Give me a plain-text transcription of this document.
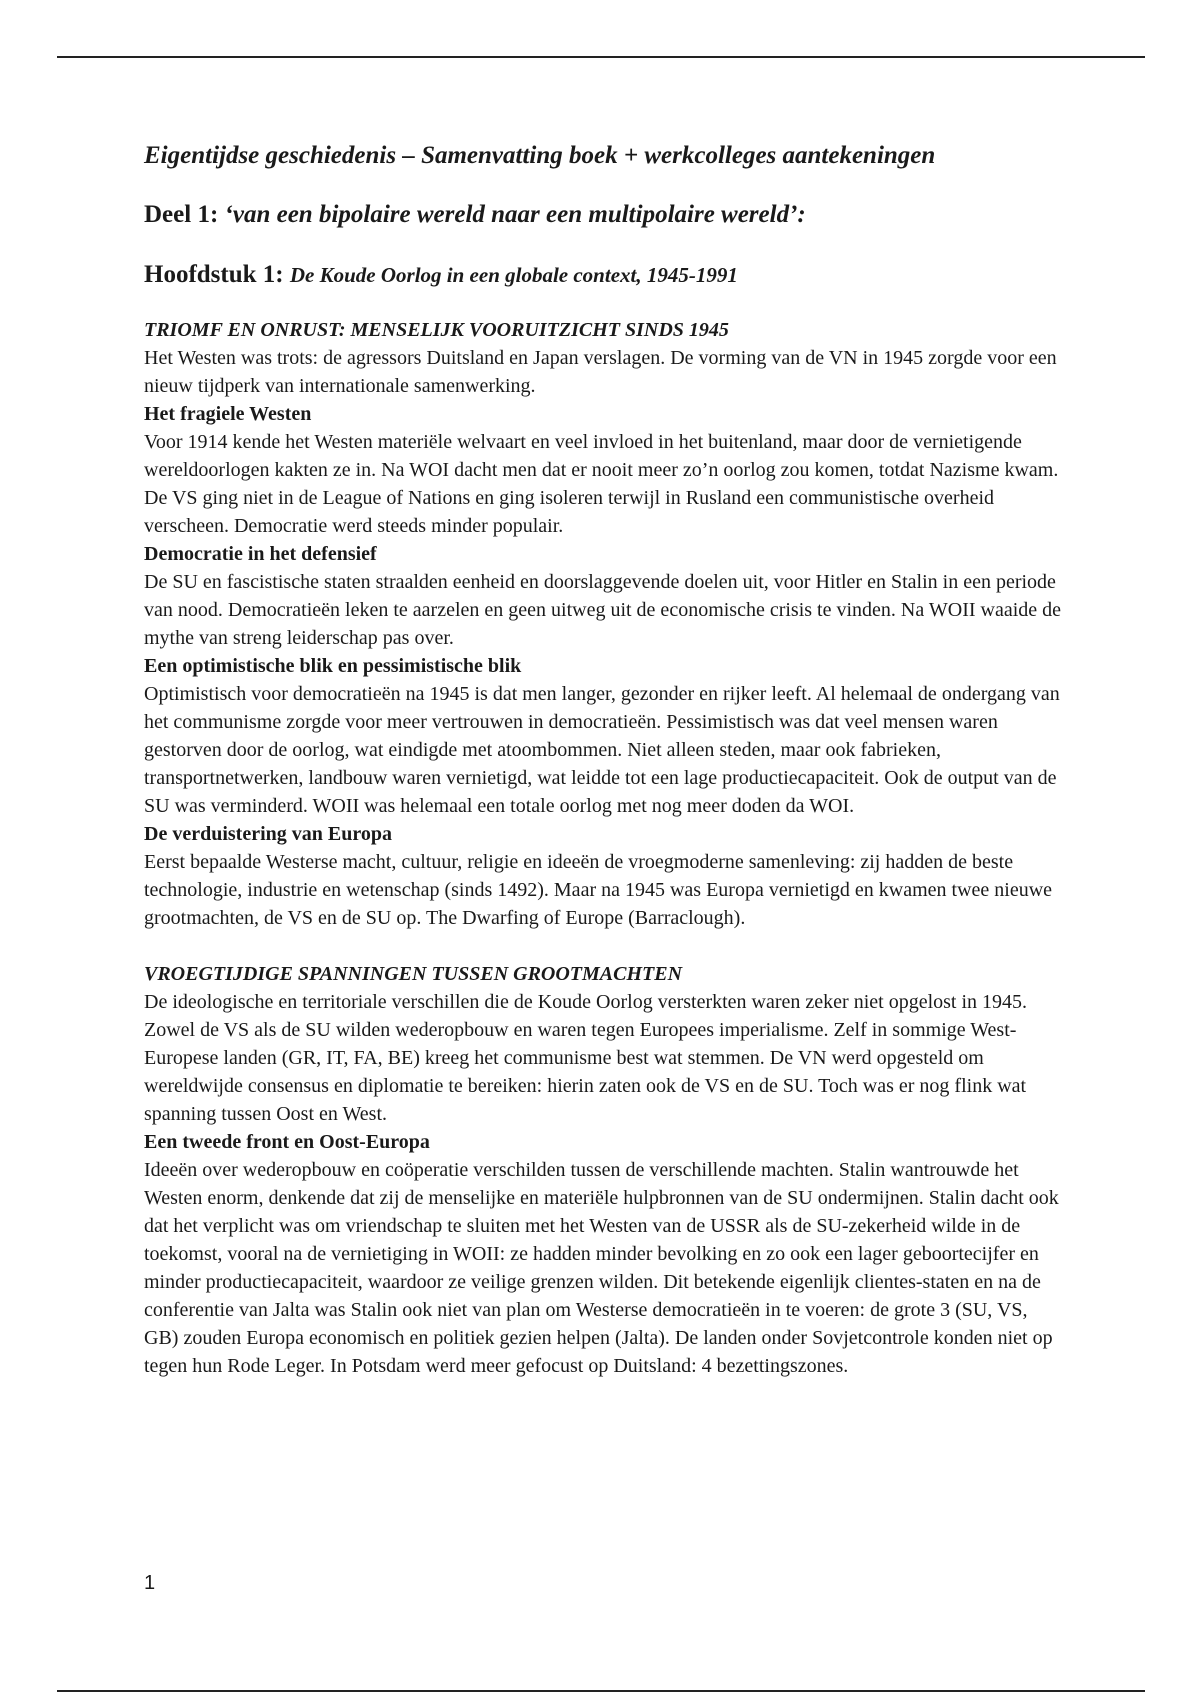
Eigentijdse geschiedenis – Samenvatting boek + werkcolleges aantekeningen
Deel 1: ‘van een bipolaire wereld naar een multipolaire wereld’:
Hoofdstuk 1: De Koude Oorlog in een globale context, 1945-1991
TRIOMF EN ONRUST: MENSELIJK VOORUITZICHT SINDS 1945

Het Westen was trots: de agressors Duitsland en Japan verslagen. De vorming van de VN in 1945 zorgde voor een nieuw tijdperk van internationale samenwerking.

Het fragiele Westen

Voor 1914 kende het Westen materiële welvaart en veel invloed in het buitenland, maar door de vernietigende wereldoorlogen kakten ze in. Na WOI dacht men dat er nooit meer zo’n oorlog zou komen, totdat Nazisme kwam. De VS ging niet in de League of Nations en ging isoleren terwijl in Rusland een communistische overheid verscheen. Democratie werd steeds minder populair.

Democratie in het defensief

De SU en fascistische staten straalden eenheid en doorslaggevende doelen uit, voor Hitler en Stalin in een periode van nood. Democratieën leken te aarzelen en geen uitweg uit de economische crisis te vinden. Na WOII waaide de mythe van streng leiderschap pas over.

Een optimistische blik en pessimistische blik

Optimistisch voor democratieën na 1945 is dat men langer, gezonder en rijker leeft. Al helemaal de ondergang van het communisme zorgde voor meer vertrouwen in democratieën. Pessimistisch was dat veel mensen waren gestorven door de oorlog, wat eindigde met atoombommen. Niet alleen steden, maar ook fabrieken, transportnetwerken, landbouw waren vernietigd, wat leidde tot een lage productiecapaciteit. Ook de output van de SU was verminderd. WOII was helemaal een totale oorlog met nog meer doden da WOI.

De verduistering van Europa

Eerst bepaalde Westerse macht, cultuur, religie en ideeën de vroegmoderne samenleving: zij hadden de beste technologie, industrie en wetenschap (sinds 1492). Maar na 1945 was Europa vernietigd en kwamen twee nieuwe grootmachten, de VS en de SU op. The Dwarfing of Europe (Barraclough).

VROEGTIJDIGE SPANNINGEN TUSSEN GROOTMACHTEN

De ideologische en territoriale verschillen die de Koude Oorlog versterkten waren zeker niet opgelost in 1945. Zowel de VS als de SU wilden wederopbouw en waren tegen Europees imperialisme. Zelf in sommige West-Europese landen (GR, IT, FA, BE) kreeg het communisme best wat stemmen. De VN werd opgesteld om wereldwijde consensus en diplomatie te bereiken: hierin zaten ook de VS en de SU. Toch was er nog flink wat spanning tussen Oost en West.

Een tweede front en Oost-Europa

Ideeën over wederopbouw en coöperatie verschilden tussen de verschillende machten. Stalin wantrouwde het Westen enorm, denkende dat zij de menselijke en materiële hulpbronnen van de SU ondermijnen. Stalin dacht ook dat het verplicht was om vriendschap te sluiten met het Westen van de USSR als de SU-zekerheid wilde in de toekomst, vooral na de vernietiging in WOII: ze hadden minder bevolking en zo ook een lager geboortecijfer en minder productiecapaciteit, waardoor ze veilige grenzen wilden. Dit betekende eigenlijk clientes-staten en na de conferentie van Jalta was Stalin ook niet van plan om Westerse democratieën in te voeren: de grote 3 (SU, VS, GB) zouden Europa economisch en politiek gezien helpen (Jalta). De landen onder Sovjetcontrole konden niet op tegen hun Rode Leger. In Potsdam werd meer gefocust op Duitsland: 4 bezettingszones.

1
